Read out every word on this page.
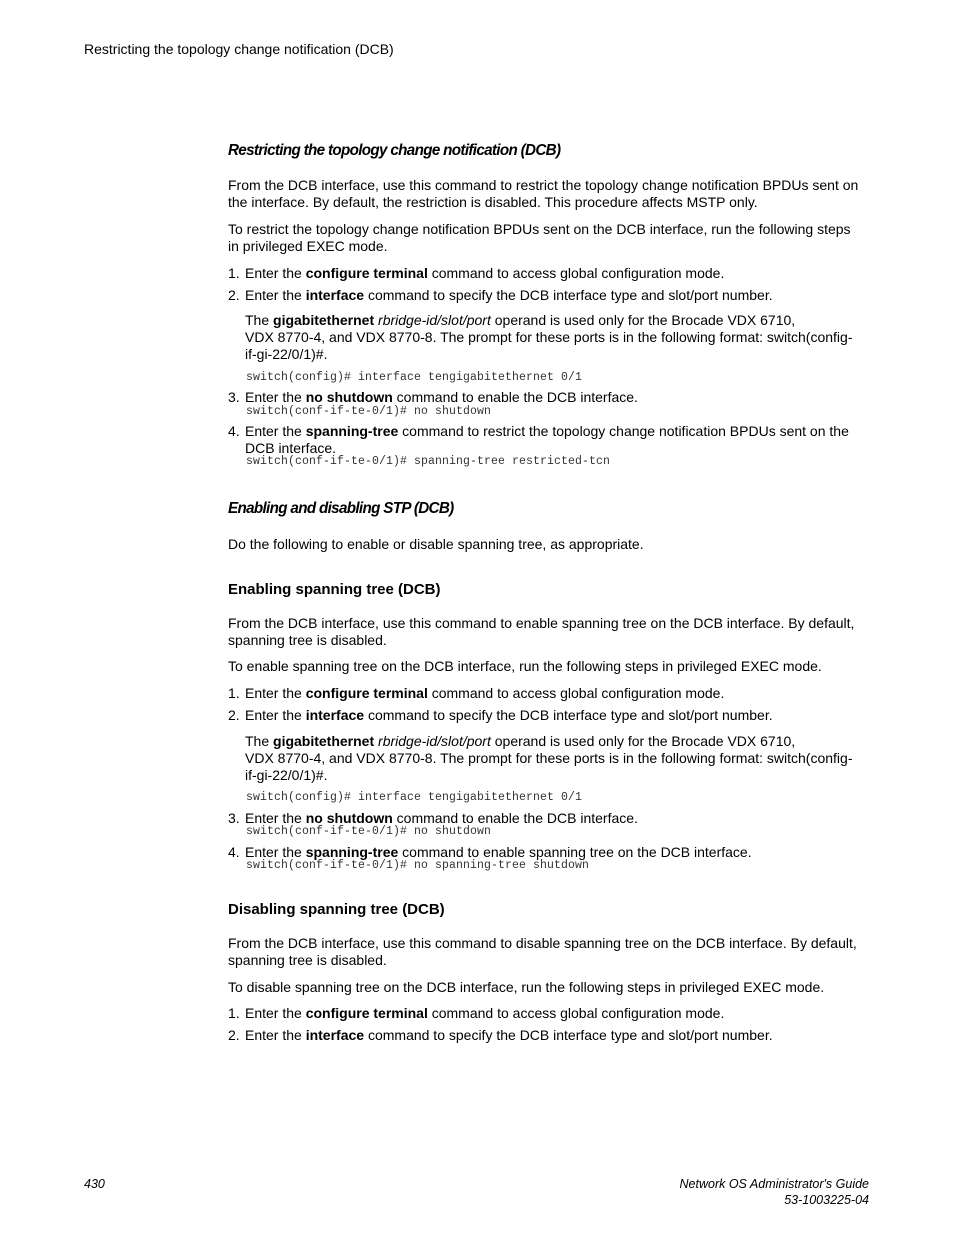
Restricting the topology change notification (DCB)
Restricting the topology change notification (DCB)
From the DCB interface, use this command to restrict the topology change notification BPDUs sent on the interface. By default, the restriction is disabled. This procedure affects MSTP only.
To restrict the topology change notification BPDUs sent on the DCB interface, run the following steps in privileged EXEC mode.
1. Enter the configure terminal command to access global configuration mode.
2. Enter the interface command to specify the DCB interface type and slot/port number.
The gigabitethernet rbridge-id/slot/port operand is used only for the Brocade VDX 6710,
VDX 8770-4, and VDX 8770-8. The prompt for these ports is in the following format: switch(config-
if-gi-22/0/1)#.
switch(config)# interface tengigabitethernet 0/1
3. Enter the no shutdown command to enable the DCB interface.
switch(conf-if-te-0/1)# no shutdown
4. Enter the spanning-tree command to restrict the topology change notification BPDUs sent on the
DCB interface.
switch(conf-if-te-0/1)# spanning-tree restricted-tcn
Enabling and disabling STP (DCB)
Do the following to enable or disable spanning tree, as appropriate.
Enabling spanning tree (DCB)
From the DCB interface, use this command to enable spanning tree on the DCB interface. By default, spanning tree is disabled.
To enable spanning tree on the DCB interface, run the following steps in privileged EXEC mode.
1. Enter the configure terminal command to access global configuration mode.
2. Enter the interface command to specify the DCB interface type and slot/port number.
The gigabitethernet rbridge-id/slot/port operand is used only for the Brocade VDX 6710,
VDX 8770-4, and VDX 8770-8. The prompt for these ports is in the following format: switch(config-
if-gi-22/0/1)#.
switch(config)# interface tengigabitethernet 0/1
3. Enter the no shutdown command to enable the DCB interface.
switch(conf-if-te-0/1)# no shutdown
4. Enter the spanning-tree command to enable spanning tree on the DCB interface.
switch(conf-if-te-0/1)# no spanning-tree shutdown
Disabling spanning tree (DCB)
From the DCB interface, use this command to disable spanning tree on the DCB interface. By default, spanning tree is disabled.
To disable spanning tree on the DCB interface, run the following steps in privileged EXEC mode.
1. Enter the configure terminal command to access global configuration mode.
2. Enter the interface command to specify the DCB interface type and slot/port number.
430	Network OS Administrator's Guide
53-1003225-04
